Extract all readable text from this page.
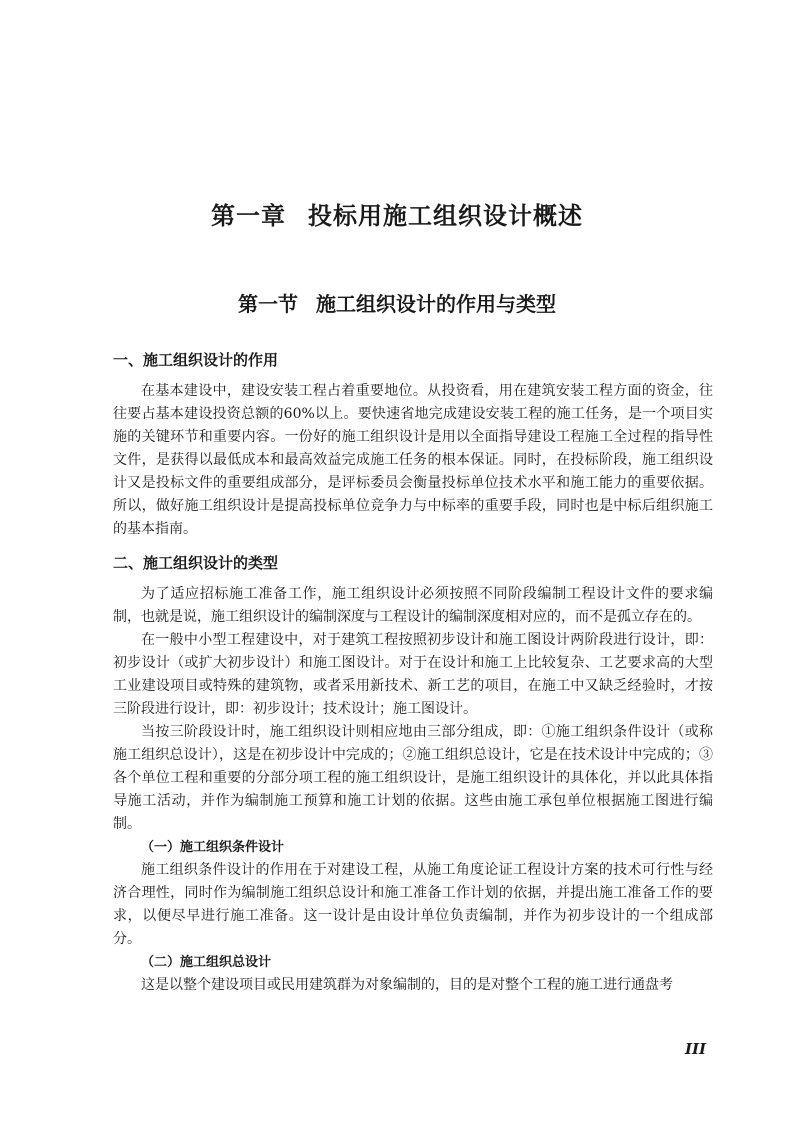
第一章 投标用施工组织设计概述
第一节 施工组织设计的作用与类型
一、施工组织设计的作用

在基本建设中，建设安装工程占着重要地位。从投资看，用在建筑安装工程方面的资金，往往要占基本建设投资总额的60%以上。要快速省地完成建设安装工程的施工任务，是一个项目实施的关键环节和重要内容。一份好的施工组织设计是用以全面指导建设工程施工全过程的指导性文件，是获得以最低成本和最高效益完成施工任务的根本保证。同时，在投标阶段，施工组织设计又是投标文件的重要组成部分，是评标委员会衡量投标单位技术水平和施工能力的重要依据。所以，做好施工组织设计是提高投标单位竞争力与中标率的重要手段，同时也是中标后组织施工的基本指南。

二、施工组织设计的类型

为了适应招标施工准备工作，施工组织设计必须按照不同阶段编制工程设计文件的要求编制，也就是说，施工组织设计的编制深度与工程设计的编制深度相对应的，而不是孤立存在的。

在一般中小型工程建设中，对于建筑工程按照初步设计和施工图设计两阶段进行设计，即：初步设计（或扩大初步设计）和施工图设计。对于在设计和施工上比较复杂、工艺要求高的大型工业建设项目或特殊的建筑物，或者采用新技术、新工艺的项目，在施工中又缺乏经验时，才按三阶段进行设计，即：初步设计；技术设计；施工图设计。

当按三阶段设计时，施工组织设计则相应地由三部分组成，即：①施工组织条件设计（或称施工组织总设计），这是在初步设计中完成的；②施工组织总设计，它是在技术设计中完成的；③各个单位工程和重要的分部分项工程的施工组织设计，是施工组织设计的具体化，并以此具体指导施工活动，并作为编制施工预算和施工计划的依据。这些由施工承包单位根据施工图进行编制。

（一）施工组织条件设计

施工组织条件设计的作用在于对建设工程，从施工角度论证工程设计方案的技术可行性与经济合理性，同时作为编制施工组织总设计和施工准备工作计划的依据，并提出施工准备工作的要求，以便尽早进行施工准备。这一设计是由设计单位负责编制，并作为初步设计的一个组成部分。

（二）施工组织总设计

这是以整个建设项目或民用建筑群为对象编制的，目的是对整个工程的施工进行通盘考

III
